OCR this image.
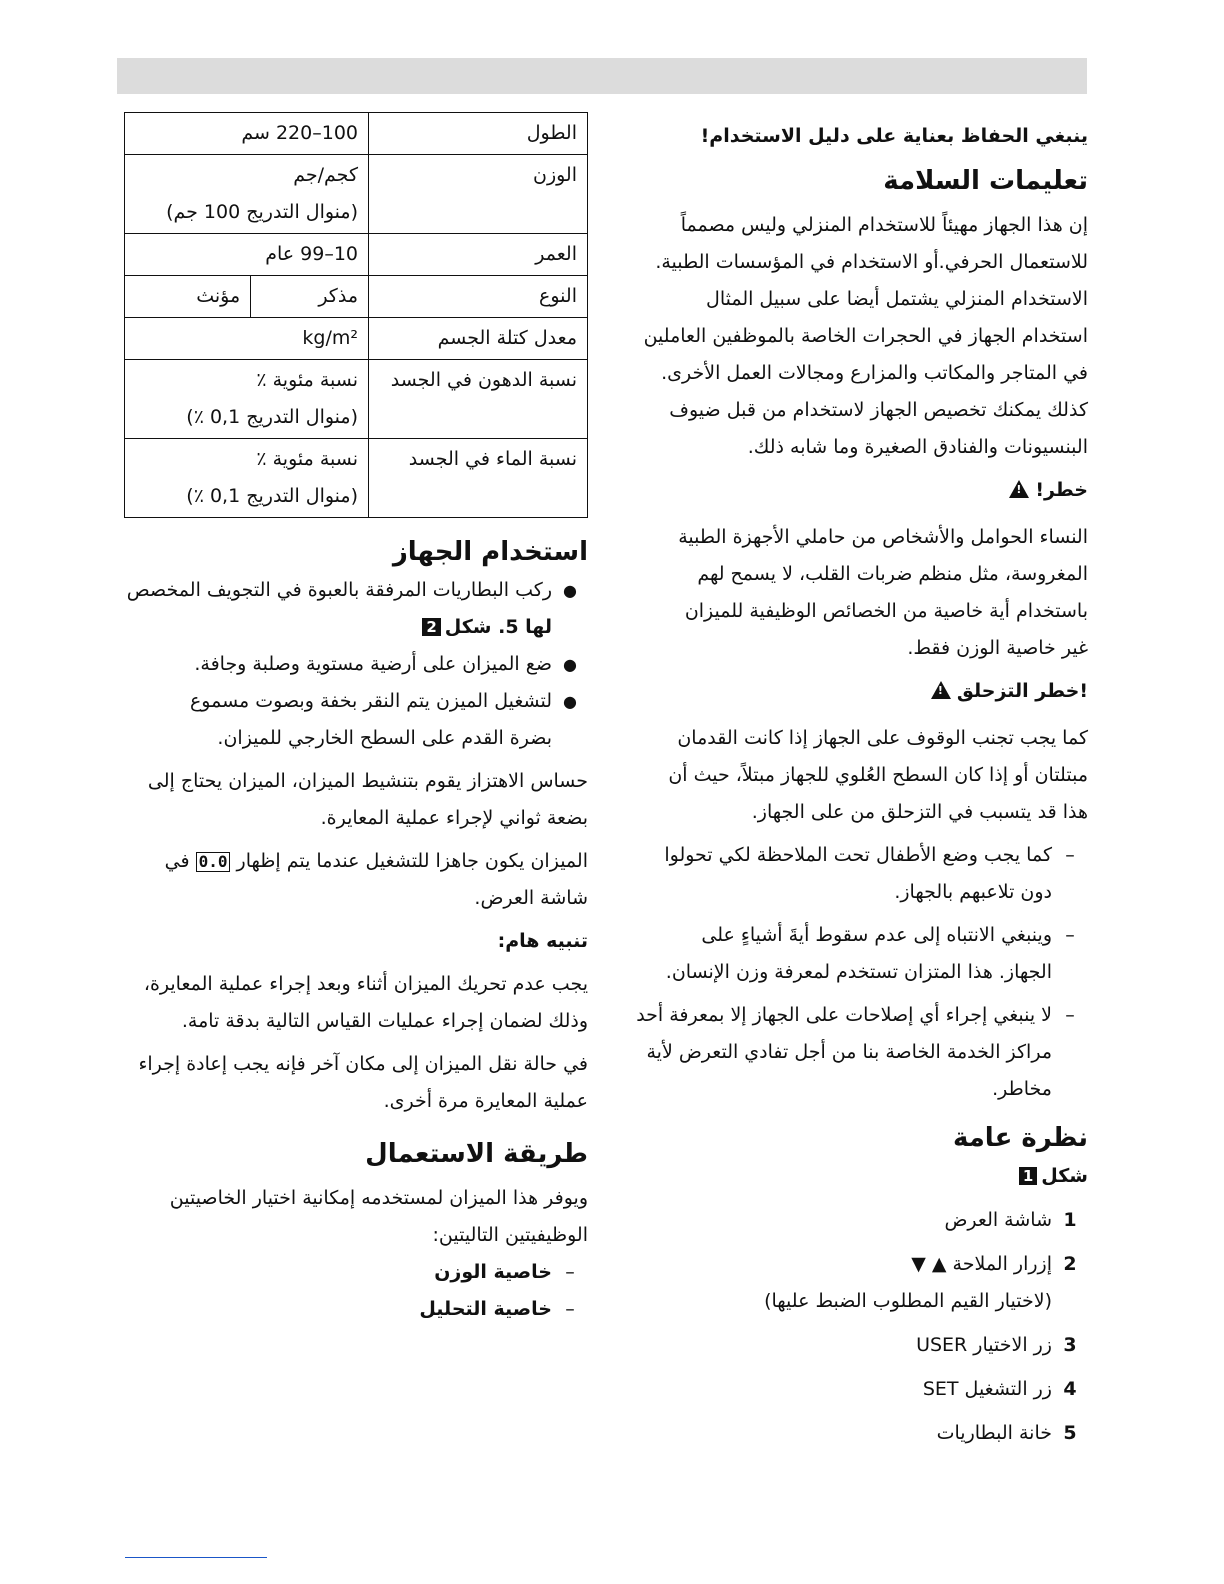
ينبغي الحفاظ بعناية على دليل الاستخدام!

تعليمات السلامة

إن هذا الجهاز مهيئاً للاستخدام المنزلي وليس مصمماً

للاستعمال الحرفي.أو الاستخدام في المؤسسات الطبية.

الاستخدام المنزلي يشتمل أيضا على سبيل المثال

استخدام الجهاز في الحجرات الخاصة بالموظفين العاملين

في المتاجر والمكاتب والمزارع ومجالات العمل الأخرى.

كذلك يمكنك تخصيص الجهاز لاستخدام من قبل ضيوف

البنسيونات والفنادق الصغيرة وما شابه ذلك.

خطر!!

النساء الحوامل والأشخاص من حاملي الأجهزة الطبية

المغروسة، مثل منظم ضربات القلب، لا يسمح لهم

باستخدام أية خاصية من الخصائص الوظيفية للميزان

غير خاصية الوزن فقط.

!خطر التزحلق!

كما يجب تجنب الوقوف على الجهاز إذا كانت القدمان

مبتلتان أو إذا كان السطح العُلوي للجهاز مبتلاً، حيث أن

هذا قد يتسبب في التزحلق من على الجهاز.

–

كما يجب وضع الأطفال تحت الملاحظة لكي تحولوا

دون تلاعبهم بالجهاز.

–

وينبغي الانتباه إلى عدم سقوط أيةَ أشياءٍ على

الجهاز. هذا المتزان تستخدم لمعرفة وزن الإنسان.

–

لا ينبغي إجراء أي إصلاحات على الجهاز إلا بمعرفة أحد

مراكز الخدمة الخاصة بنا من أجل تفادي التعرض لأية

مخاطر.

نظرة عامة

شكل1

1

شاشة العرض

2

إزرار الملاحة ▲ ▼

(لاختيار القيم المطلوب الضبط عليها)

3

زر الاختيار USER

4

زر التشغيل SET

5

خانة البطاريات

الطول	100–220 سم	
الوزن	كجم/جم
(منوال التدريج 100 جم)	

العمر	10–99 عام	
النوع	مذكر	مؤنث
معدل كتلة الجسم	kg/m²	
نسبة الدهون في الجسد	نسبة مئوية ٪
(منوال التدريج 0,1 ٪)	

نسبة الماء في الجسد	نسبة مئوية ٪
(منوال التدريج 0,1 ٪)	

استخدام الجهاز

●

ركب البطاريات المرفقة بالعبوة في التجويف المخصص

لها 5. شكل2

●

ضع الميزان على أرضية مستوية وصلبة وجافة.

●

لتشغيل الميزن يتم النقر بخفة وبصوت مسموع

بضرة القدم على السطح الخارجي للميزان.

حساس الاهتزاز يقوم بتنشيط الميزان، الميزان يحتاج إلى

بضعة ثواني لإجراء عملية المعايرة.

الميزان يكون جاهزا للتشغيل عندما يتم إظهار 0.0 في

شاشة العرض.

تنبيه هام:

يجب عدم تحريك الميزان أثناء وبعد إجراء عملية المعايرة،

وذلك لضمان إجراء عمليات القياس التالية بدقة تامة.

في حالة نقل الميزان إلى مكان آخر فإنه يجب إعادة إجراء

عملية المعايرة مرة أخرى.

طريقة الاستعمال

ويوفر هذا الميزان لمستخدمه إمكانية اختيار الخاصيتين

الوظيفيتين التاليتين:

–

خاصية الوزن

–

خاصية التحليل
